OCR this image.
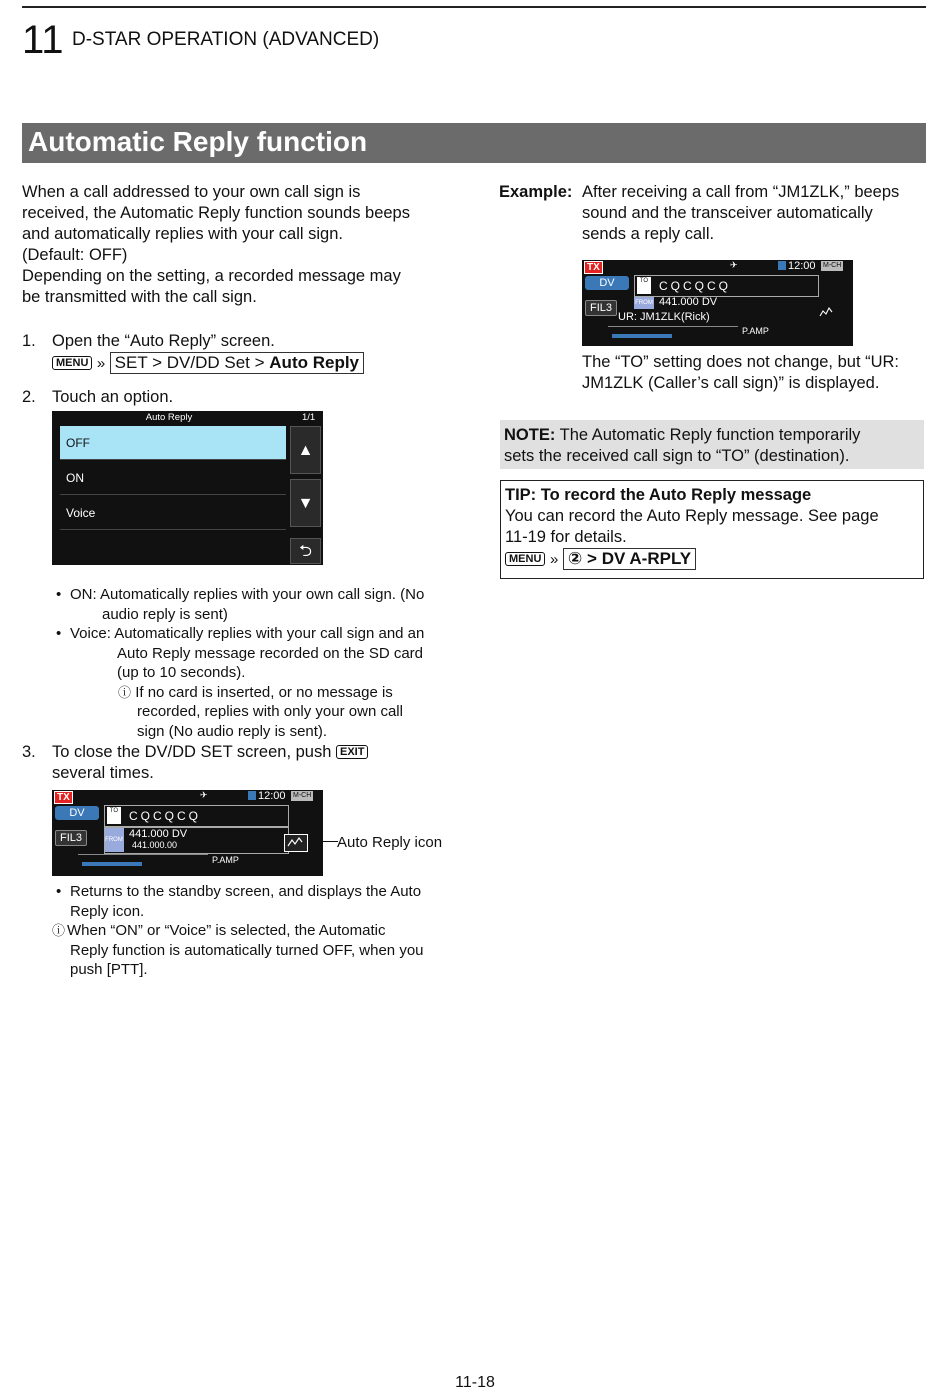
11 D-STAR OPERATION (ADVANCED)
Automatic Reply function

When a call addressed to your own call sign is

received, the Automatic Reply function sounds beeps

and automatically replies with your call sign.

(Default: OFF)

Depending on the setting, a recorded message may

be transmitted with the call sign.

1. Open the “Auto Reply” screen.
MENU » SET > DV/DD Set > Auto Reply
2. Touch an option.
Auto Reply	1/1
OFF
ON
Voice
▲
▼
⮌
• ON: Automatically replies with your own call sign. (No
audio reply is sent)
• Voice: Automatically replies with your call sign and an
Auto Reply message recorded on the SD card
(up to 10 seconds).
ⓘ If no card is inserted, or no message is
recorded, replies with only your own call
sign (No audio reply is sent).
3. To close the DV/DD SET screen, push EXIT
several times.
TX	✈	12:00 M-CH
DV
FIL3
TO CQCQCQ
FROM 441.000 DV
441.000.00
P.AMP
Auto Reply icon
• Returns to the standby screen, and displays the Auto
Reply icon.
ⓘ When “ON” or “Voice” is selected, the Automatic
Reply function is automatically turned OFF, when you
push [PTT].
Example: After receiving a call from “JM1ZLK,” beeps
sound and the transceiver automatically
sends a reply call.
TX	✈	12:00 M-CH
DV
FIL3
TO CQCQCQ
FROM 441.000 DV
UR: JM1ZLK(Rick)
P.AMP
The “TO” setting does not change, but “UR:
JM1ZLK (Caller’s call sign)” is displayed.
NOTE: The Automatic Reply function temporarily
sets the received call sign to “TO” (destination).
TIP: To record the Auto Reply message
You can record the Auto Reply message. See page
11-19 for details.
MENU » ② > DV A-RPLY
11-18
